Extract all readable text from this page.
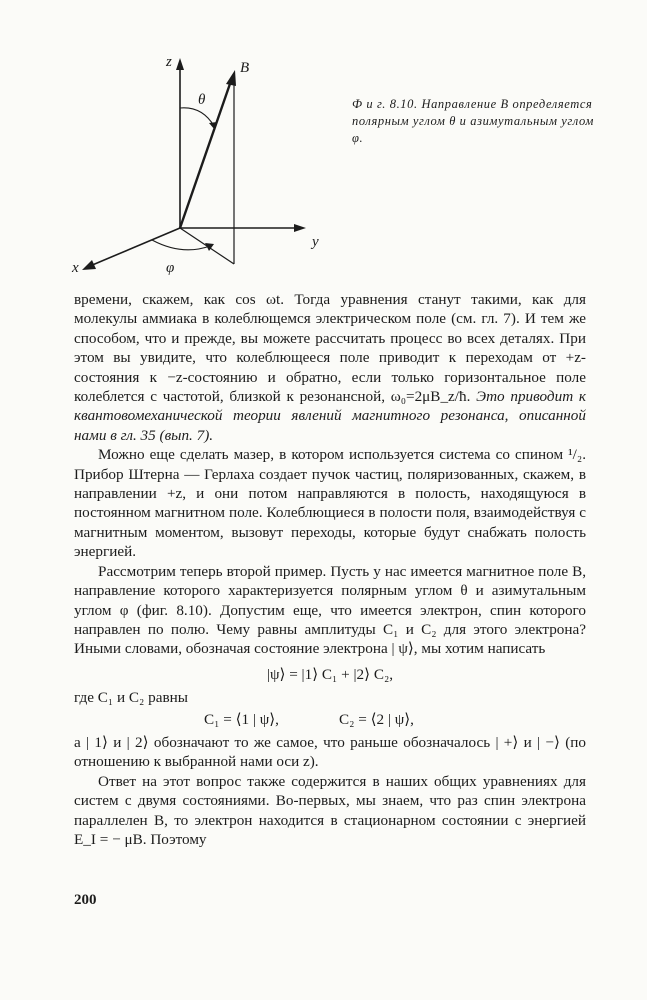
z	B
θ
y
x	φ
Ф и г. 8.10. Направление B определяется полярным углом θ и азимутальным углом φ.

времени, скажем, как cos ωt. Тогда уравнения станут такими, как для молекулы аммиака в колеблющемся электрическом поле (см. гл. 7). И тем же способом, что и прежде, вы можете рассчитать процесс во всех деталях. При этом вы увидите, что колеблющееся поле приводит к переходам от +z-состояния к −z-состоянию и обратно, если только горизонтальное поле колеблется с частотой, близкой к резонансной, ω₀=2μB_z/ħ. Это приводит к квантовомеханической теории явлений магнитного резонанса, описанной нами в гл. 35 (вып. 7).

Можно еще сделать мазер, в котором используется система со спином ¹/₂. Прибор Штерна — Герлаха создает пучок частиц, поляризованных, скажем, в направлении +z, и они потом направляются в полость, находящуюся в постоянном магнитном поле. Колеблющиеся в полости поля, взаимодействуя с магнитным моментом, вызовут переходы, которые будут снабжать полость энергией.

Рассмотрим теперь второй пример. Пусть у нас имеется магнитное поле B, направление которого характеризуется полярным углом θ и азимутальным углом φ (фиг. 8.10). Допустим еще, что имеется электрон, спин которого направлен по полю. Чему равны амплитуды C₁ и C₂ для этого электрона? Иными словами, обозначая состояние электрона | ψ⟩, мы хотим написать

|ψ⟩ = |1⟩ C₁ + |2⟩ C₂,

где C₁ и C₂ равны

C₁ = ⟨1 | ψ⟩,	C₂ = ⟨2 | ψ⟩,

а | 1⟩ и | 2⟩ обозначают то же самое, что раньше обозначалось | +⟩ и | −⟩ (по отношению к выбранной нами оси z).

Ответ на этот вопрос также содержится в наших общих уравнениях для систем с двумя состояниями. Во-первых, мы знаем, что раз спин электрона параллелен B, то электрон находится в стационарном состоянии с энергией E_I = − μB. Поэтому

200
